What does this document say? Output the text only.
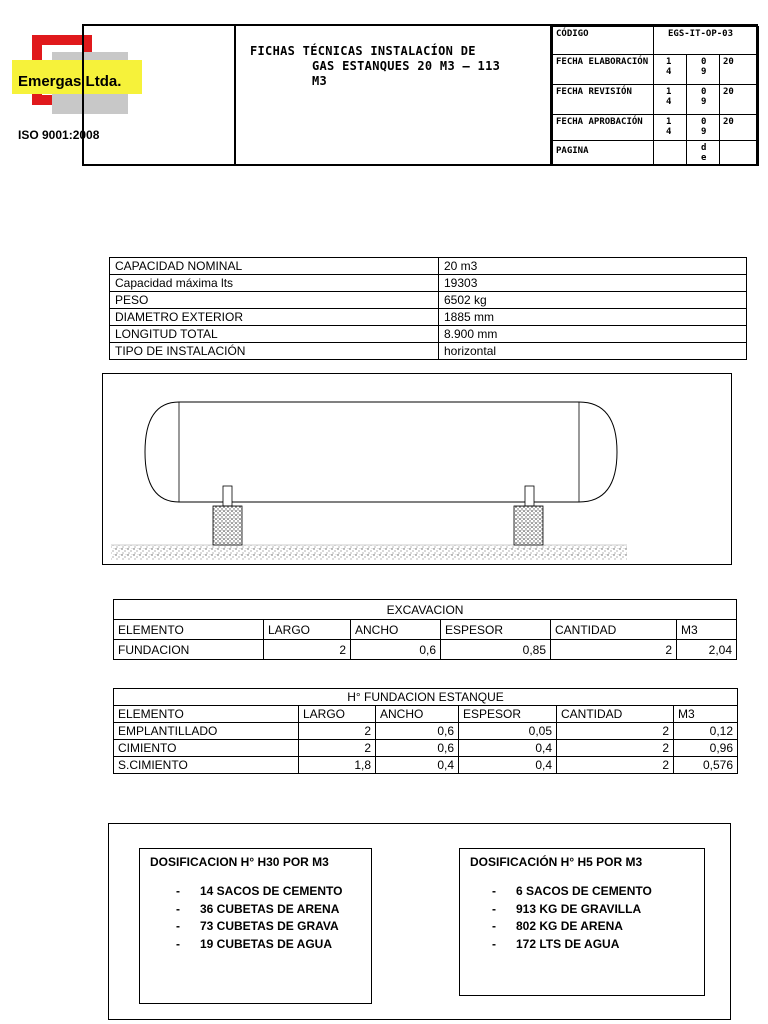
Emergas Ltda.
ISO 9001:2008
FICHAS TÉCNICAS INSTALACÍON DE
GAS ESTANQUES 20 M3 – 113
M3
CÓDIGO	EGS-IT-OP-03		
FECHA ELABORACIÓN	14	09	20
FECHA REVISIÓN	14	09	20
FECHA APROBACIÓN	14	09	20
PAGINA		de	
CAPACIDAD NOMINAL	20 m3
Capacidad máxima lts	19303
PESO	6502 kg
DIAMETRO EXTERIOR	1885 mm
LONGITUD TOTAL	8.900 mm
TIPO DE INSTALACIÓN	horizontal
EXCAVACION					
ELEMENTO	LARGO	ANCHO	ESPESOR	CANTIDAD	M3
FUNDACION	2	0,6	0,85	2	2,04
H° FUNDACION ESTANQUE					
ELEMENTO	LARGO	ANCHO	ESPESOR	CANTIDAD	M3
EMPLANTILLADO	2	0,6	0,05	2	0,12
CIMIENTO	2	0,6	0,4	2	0,96
S.CIMIENTO	1,8	0,4	0,4	2	0,576
DOSIFICACION H° H30 POR M3
- 14 SACOS DE CEMENTO
- 36 CUBETAS DE ARENA
- 73 CUBETAS DE GRAVA
- 19 CUBETAS DE AGUA
DOSIFICACIÓN H° H5 POR M3
- 6 SACOS DE CEMENTO
- 913 KG DE GRAVILLA
- 802 KG DE ARENA
- 172 LTS DE AGUA
